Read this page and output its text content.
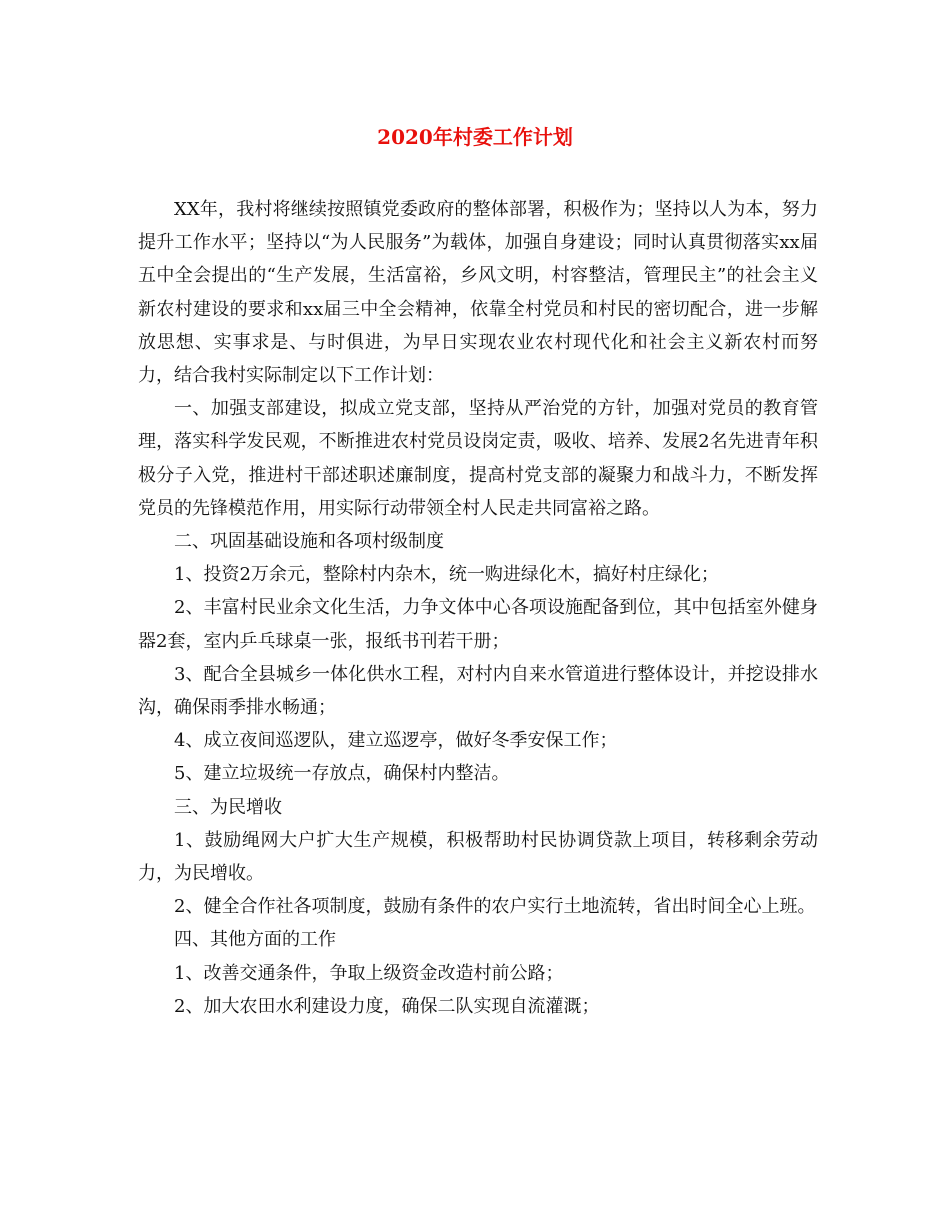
2020年村委工作计划

XX年，我村将继续按照镇党委政府的整体部署，积极作为；坚持以人为本，努力提升工作水平；坚持以“为人民服务”为载体，加强自身建设；同时认真贯彻落实xx届五中全会提出的“生产发展，生活富裕，乡风文明，村容整洁，管理民主”的社会主义新农村建设的要求和xx届三中全会精神，依靠全村党员和村民的密切配合，进一步解放思想、实事求是、与时俱进，为早日实现农业农村现代化和社会主义新农村而努力，结合我村实际制定以下工作计划：

一、加强支部建设，拟成立党支部，坚持从严治党的方针，加强对党员的教育管理，落实科学发民观，不断推进农村党员设岗定责，吸收、培养、发展2名先进青年积极分子入党，推进村干部述职述廉制度，提高村党支部的凝聚力和战斗力，不断发挥党员的先锋模范作用，用实际行动带领全村人民走共同富裕之路。

二、巩固基础设施和各项村级制度

1、投资2万余元，整除村内杂木，统一购进绿化木，搞好村庄绿化；

2、丰富村民业余文化生活，力争文体中心各项设施配备到位，其中包括室外健身器2套，室内乒乓球桌一张，报纸书刊若干册；

3、配合全县城乡一体化供水工程，对村内自来水管道进行整体设计，并挖设排水沟，确保雨季排水畅通；

4、成立夜间巡逻队，建立巡逻亭，做好冬季安保工作；

5、建立垃圾统一存放点，确保村内整洁。

三、为民增收

1、鼓励绳网大户扩大生产规模，积极帮助村民协调贷款上项目，转移剩余劳动力，为民增收。

2、健全合作社各项制度，鼓励有条件的农户实行土地流转，省出时间全心上班。

四、其他方面的工作

1、改善交通条件，争取上级资金改造村前公路；

2、加大农田水利建设力度，确保二队实现自流灌溉；
